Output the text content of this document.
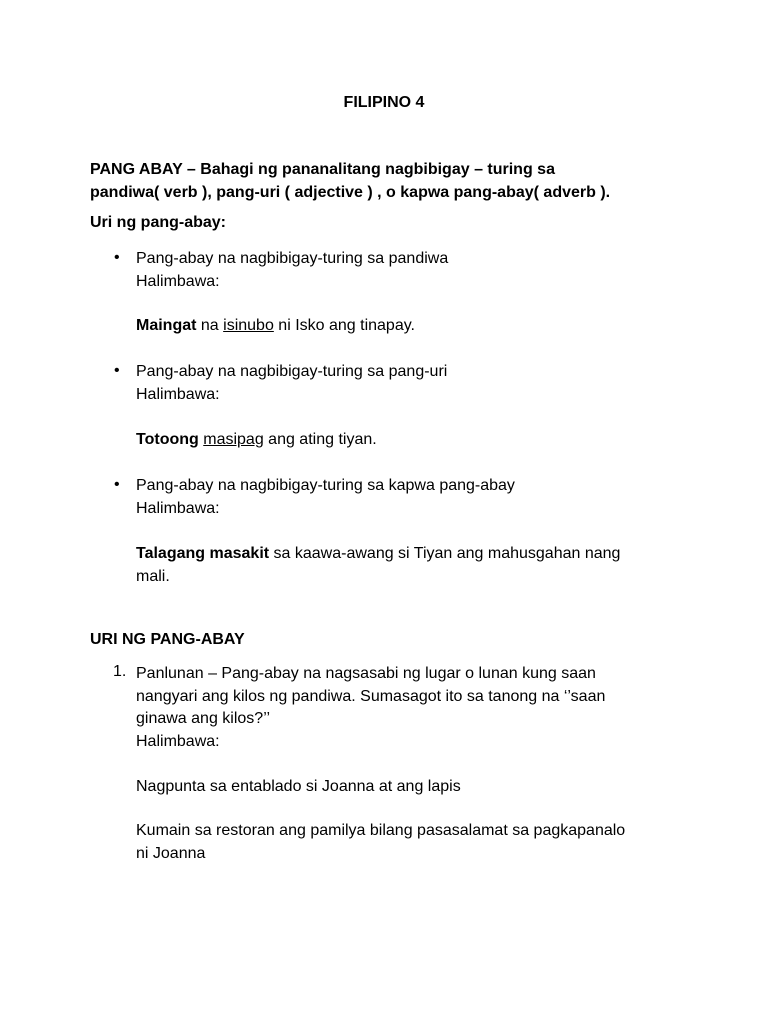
FILIPINO 4
PANG ABAY – Bahagi ng pananalitang nagbibigay – turing sa
pandiwa( verb ), pang-uri ( adjective ) , o kapwa pang-abay( adverb ).
Uri ng pang-abay:
• Pang-abay na nagbibigay-turing sa pandiwa
Halimbawa:
Maingat na isinubo ni Isko ang tinapay.
• Pang-abay na nagbibigay-turing sa pang-uri
Halimbawa:
Totoong masipag ang ating tiyan.
• Pang-abay na nagbibigay-turing sa kapwa pang-abay
Halimbawa:
Talagang masakit sa kaawa-awang si Tiyan ang mahusgahan nang
mali.
URI NG PANG-ABAY
1. Panlunan – Pang-abay na nagsasabi ng lugar o lunan kung saan
nangyari ang kilos ng pandiwa. Sumasagot ito sa tanong na ‘’saan
ginawa ang kilos?’’
Halimbawa:
Nagpunta sa entablado si Joanna at ang lapis
Kumain sa restoran ang pamilya bilang pasasalamat sa pagkapanalo
ni Joanna
